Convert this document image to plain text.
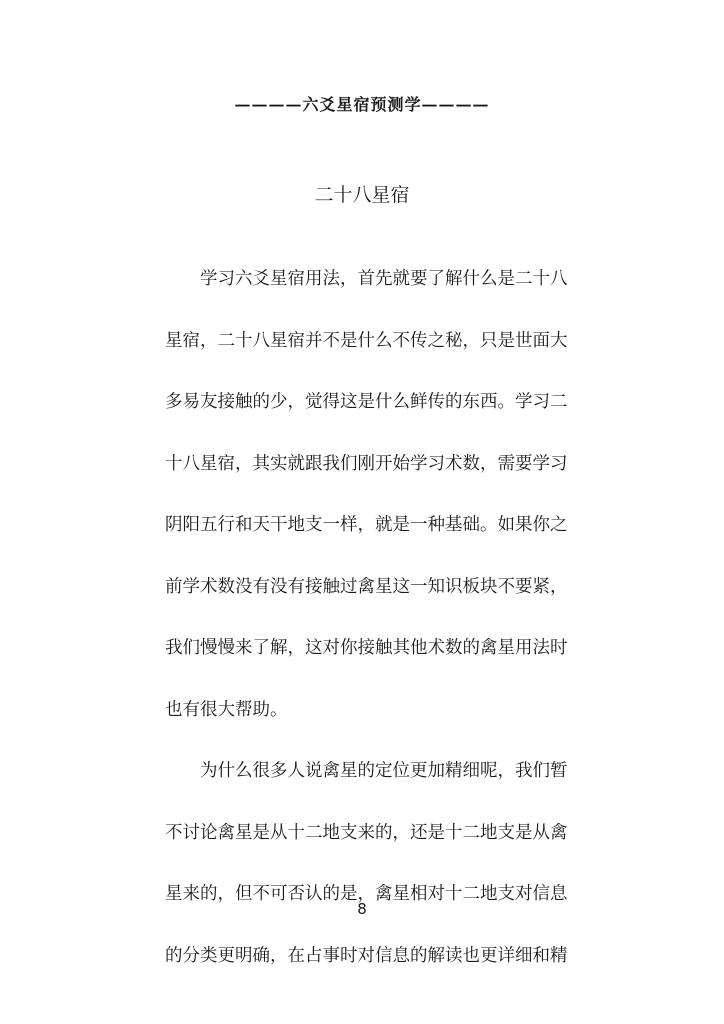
————六爻星宿预测学————
二十八星宿
学习六爻星宿用法，首先就要了解什么是二十八
星宿，二十八星宿并不是什么不传之秘，只是世面大
多易友接触的少，觉得这是什么鲜传的东西。学习二
十八星宿，其实就跟我们刚开始学习术数，需要学习
阴阳五行和天干地支一样，就是一种基础。如果你之
前学术数没有没有接触过禽星这一知识板块不要紧，
我们慢慢来了解，这对你接触其他术数的禽星用法时
也有很大帮助。
为什么很多人说禽星的定位更加精细呢，我们暂
不讨论禽星是从十二地支来的，还是十二地支是从禽
星来的，但不可否认的是，禽星相对十二地支对信息
的分类更明确，在占事时对信息的解读也更详细和精
8
